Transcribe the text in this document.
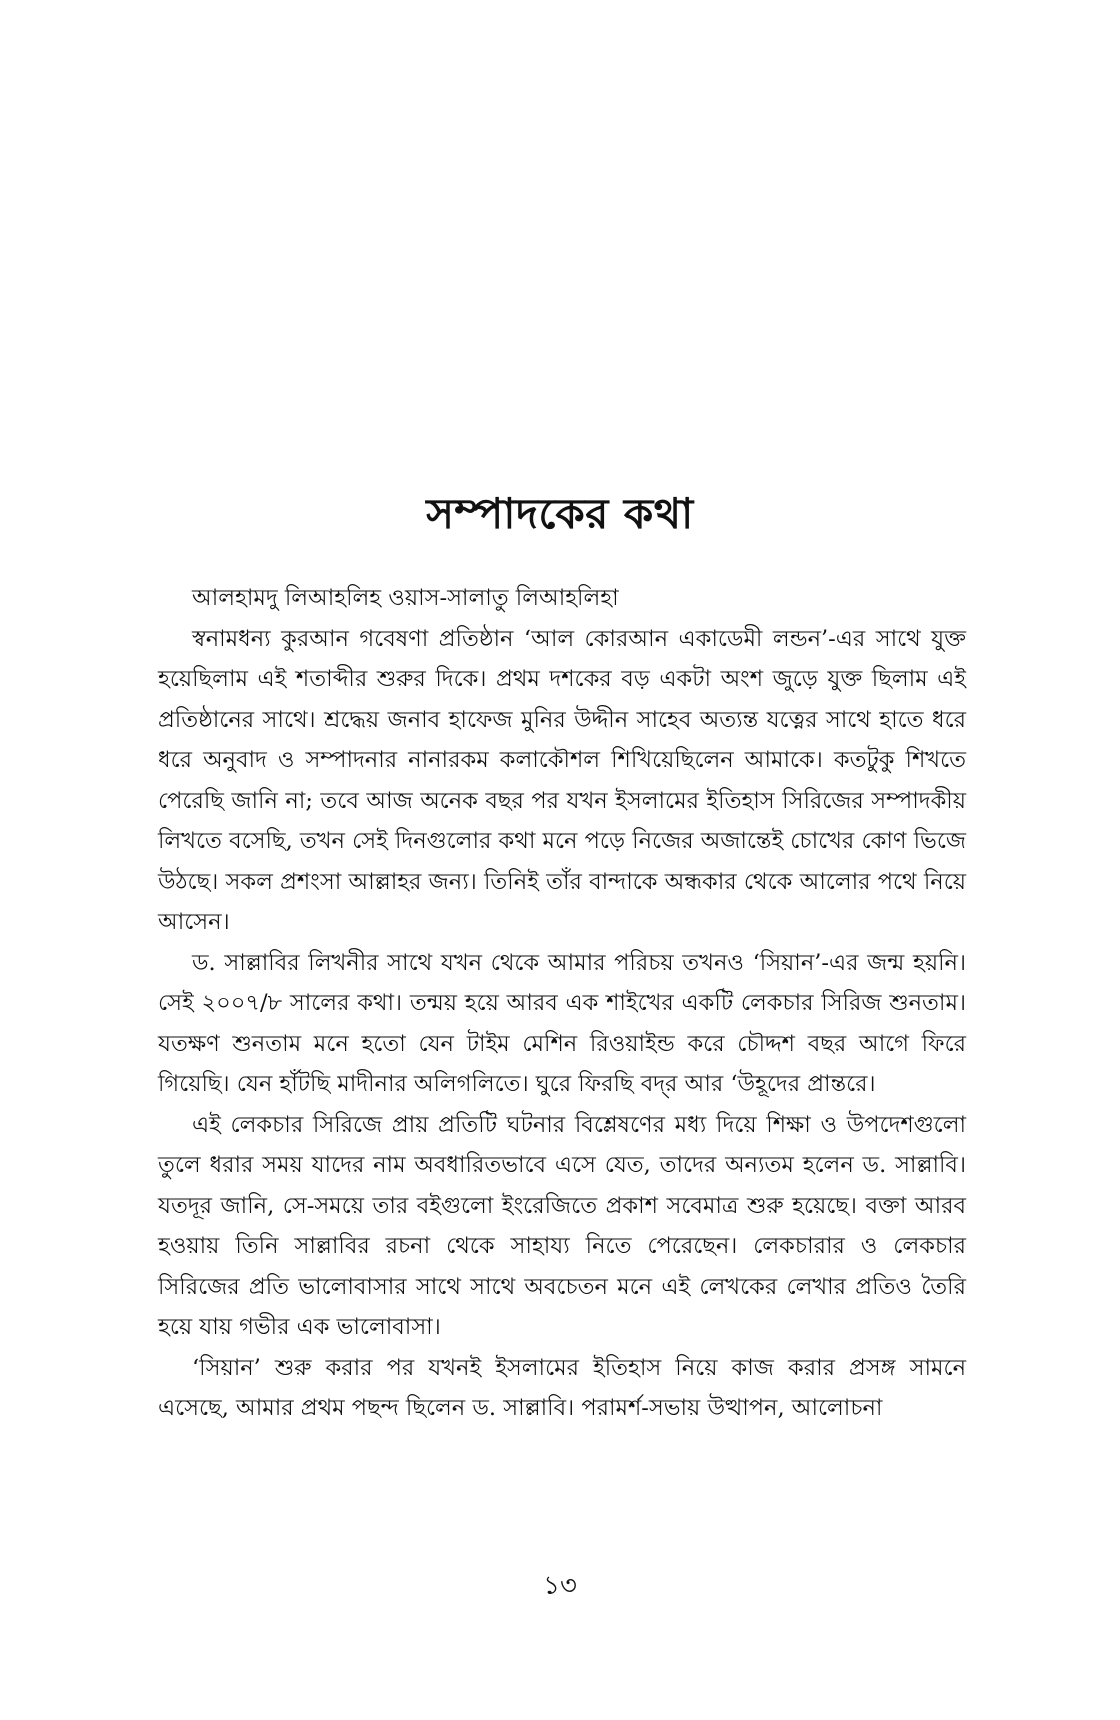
সম্পাদকের কথা

আলহামদু লিআহলিহ ওয়াস-সালাতু লিআহলিহা

স্বনামধন্য কুরআন গবেষণা প্রতিষ্ঠান ‘আল কোরআন একাডেমী লন্ডন’-এর সাথে যুক্ত হয়েছিলাম এই শতাব্দীর শুরুর দিকে। প্রথম দশকের বড় একটা অংশ জুড়ে যুক্ত ছিলাম এই প্রতিষ্ঠানের সাথে। শ্রদ্ধেয় জনাব হাফেজ মুনির উদ্দীন সাহেব অত্যন্ত যত্নের সাথে হাতে ধরে ধরে অনুবাদ ও সম্পাদনার নানারকম কলাকৌশল শিখিয়েছিলেন আমাকে। কতটুকু শিখতে পেরেছি জানি না; তবে আজ অনেক বছর পর যখন ইসলামের ইতিহাস সিরিজের সম্পাদকীয় লিখতে বসেছি, তখন সেই দিনগুলোর কথা মনে পড়ে নিজের অজান্তেই চোখের কোণ ভিজে উঠছে। সকল প্রশংসা আল্লাহর জন্য। তিনিই তাঁর বান্দাকে অন্ধকার থেকে আলোর পথে নিয়ে আসেন।

ড. সাল্লাবির লিখনীর সাথে যখন থেকে আমার পরিচয় তখনও ‘সিয়ান’-এর জন্ম হয়নি। সেই ২০০৭/৮ সালের কথা। তন্ময় হয়ে আরব এক শাইখের একটি লেকচার সিরিজ শুনতাম। যতক্ষণ শুনতাম মনে হতো যেন টাইম মেশিন রিওয়াইন্ড করে চৌদ্দশ বছর আগে ফিরে গিয়েছি। যেন হাঁটছি মাদীনার অলিগলিতে। ঘুরে ফিরছি বদ্‌র আর ‘উহূদের প্রান্তরে।

এই লেকচার সিরিজে প্রায় প্রতিটি ঘটনার বিশ্লেষণের মধ্য দিয়ে শিক্ষা ও উপদেশগুলো তুলে ধরার সময় যাদের নাম অবধারিতভাবে এসে যেত, তাদের অন্যতম হলেন ড. সাল্লাবি। যতদূর জানি, সে-সময়ে তার বইগুলো ইংরেজিতে প্রকাশ সবেমাত্র শুরু হয়েছে। বক্তা আরব হওয়ায় তিনি সাল্লাবির রচনা থেকে সাহায্য নিতে পেরেছেন। লেকচারার ও লেকচার সিরিজের প্রতি ভালোবাসার সাথে সাথে অবচেতন মনে এই লেখকের লেখার প্রতিও তৈরি হয়ে যায় গভীর এক ভালোবাসা।

‘সিয়ান’ শুরু করার পর যখনই ইসলামের ইতিহাস নিয়ে কাজ করার প্রসঙ্গ সামনে এসেছে, আমার প্রথম পছন্দ ছিলেন ড. সাল্লাবি। পরামর্শ-সভায় উত্থাপন, আলোচনা

১৩
